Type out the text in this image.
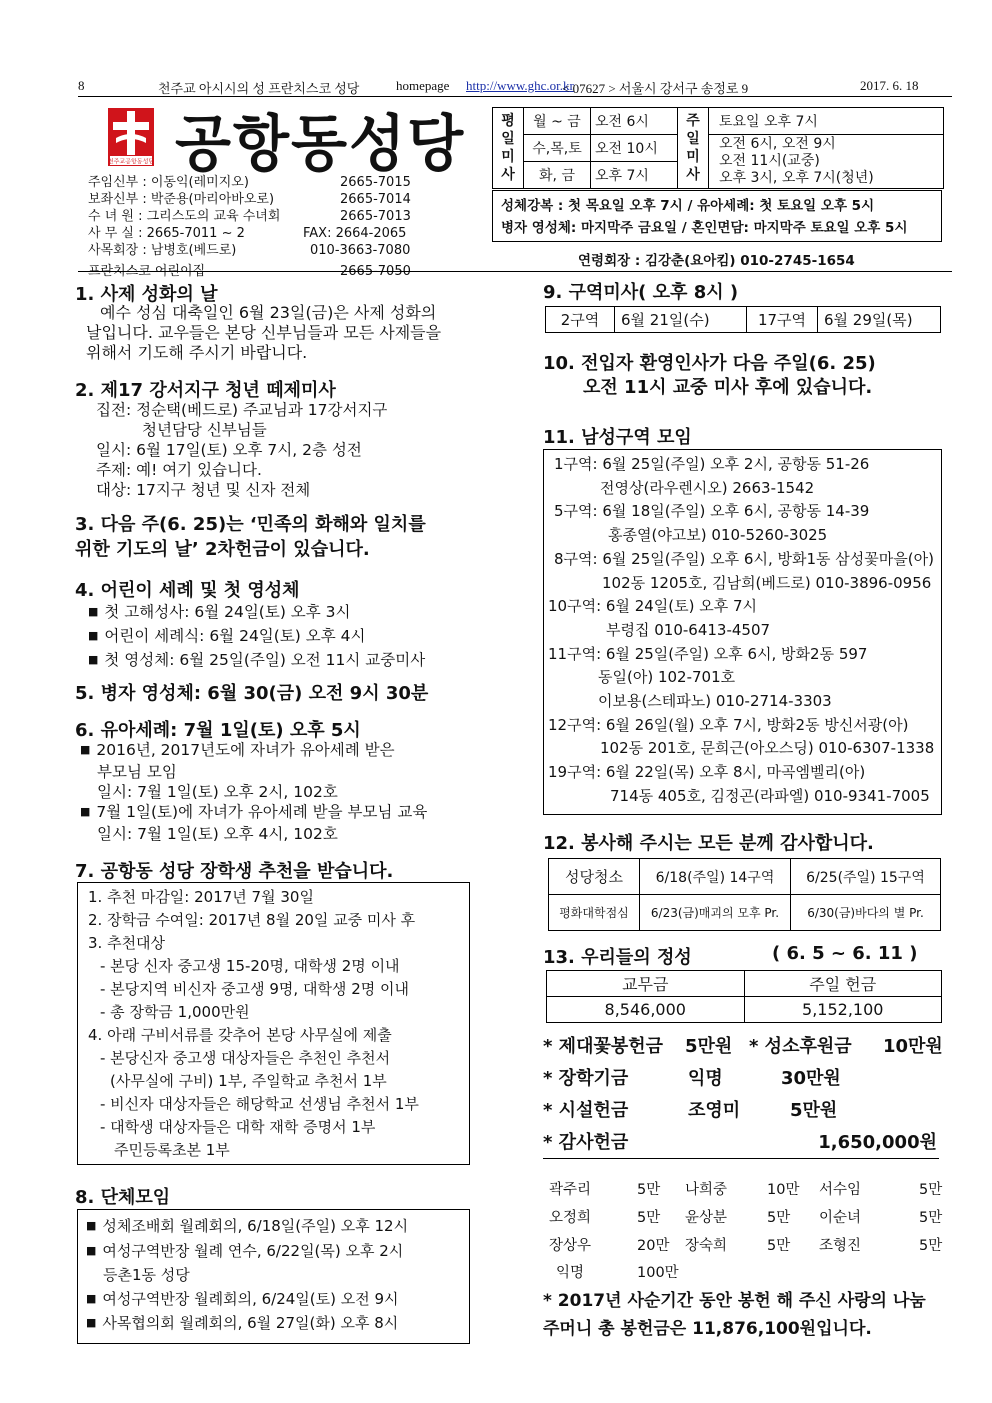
8	천주교 아시시의 성 프란치스코 성당	homepage http://www.ghc.or.kr
< 07627 > 서울시 강서구 송정로 9	2017. 6. 18
천주교공항동성당 공항동성당
주임신부 : 이동익(레미지오)	2665-7015
보좌신부 : 박준용(마리아바오로)	2665-7014
수 녀 원 : 그리스도의 교육 수녀회	2665-7013
사 무 실 : 2665-7011 ~ 2	FAX: 2664-2065
사목회장 : 남병호(베드로)	010-3663-7080
프란치스코 어린이집	2665-7050
평일미사	월 ~ 금	오전 6시	주일미사	토요일 오후 7시
	수,목,토	오전 10시		오전 6시, 오전 9시
오전 11시(교중)
오후 3시, 오후 7시(청년)

	화, 금	오후 7시		
성체강복 : 첫 목요일 오후 7시 / 유아세례: 첫 토요일 오후 5시
병자 영성체: 마지막주 금요일 / 혼인면담: 마지막주 토요일 오후 5시
연령회장 : 김강춘(요아킴) 010-2745-1654
1. 사제 성화의 날
예수 성심 대축일인 6월 23일(금)은 사제 성화의
날입니다. 교우들은 본당 신부님들과 모든 사제들을
위해서 기도해 주시기 바랍니다.
2. 제17 강서지구 청년 떼제미사
집전: 정순택(베드로) 주교님과 17강서지구
청년담당 신부님들
일시: 6월 17일(토) 오후 7시, 2층 성전
주제: 예! 여기 있습니다.
대상: 17지구 청년 및 신자 전체
3. 다음 주(6. 25)는 ‘민족의 화해와 일치를
위한 기도의 날’ 2차헌금이 있습니다.
4. 어린이 세례 및 첫 영성체
■ 첫 고해성사: 6월 24일(토) 오후 3시
■ 어린이 세례식: 6월 24일(토) 오후 4시
■ 첫 영성체: 6월 25일(주일) 오전 11시 교중미사
5. 병자 영성체: 6월 30(금) 오전 9시 30분
6. 유아세례: 7월 1일(토) 오후 5시
■ 2016년, 2017년도에 자녀가 유아세례 받은
부모님 모임
일시: 7월 1일(토) 오후 2시, 102호
■ 7월 1일(토)에 자녀가 유아세례 받을 부모님 교육
일시: 7월 1일(토) 오후 4시, 102호
7. 공항동 성당 장학생 추천을 받습니다.
1. 추천 마감일: 2017년 7월 30일
2. 장학금 수여일: 2017년 8월 20일 교중 미사 후
3. 추천대상
- 본당 신자 중고생 15-20명, 대학생 2명 이내
- 본당지역 비신자 중고생 9명, 대학생 2명 이내
- 총 장학금 1,000만원
4. 아래 구비서류를 갖추어 본당 사무실에 제출
- 본당신자 중고생 대상자들은 추천인 추천서
(사무실에 구비) 1부, 주일학교 추천서 1부
- 비신자 대상자들은 해당학교 선생님 추천서 1부
- 대학생 대상자들은 대학 재학 증명서 1부
주민등록초본 1부
8. 단체모임
■ 성체조배회 월례회의, 6/18일(주일) 오후 12시
■ 여성구역반장 월례 연수, 6/22일(목) 오후 2시
등촌1동 성당
■ 여성구역반장 월례회의, 6/24일(토) 오전 9시
■ 사목협의회 월례회의, 6월 27일(화) 오후 8시
9. 구역미사( 오후 8시 )
2구역	6월 21일(수)	17구역	6월 29일(목)
10. 전입자 환영인사가 다음 주일(6. 25)
오전 11시 교중 미사 후에 있습니다.
11. 남성구역 모임
1구역: 6월 25일(주일) 오후 2시, 공항동 51-26
전영상(라우렌시오) 2663-1542
5구역: 6월 18일(주일) 오후 6시, 공항동 14-39
홍종열(야고보) 010-5260-3025
8구역: 6월 25일(주일) 오후 6시, 방화1동 삼성꽃마을(아)
102동 1205호, 김남희(베드로) 010-3896-0956
10구역: 6월 24일(토) 오후 7시
부령집 010-6413-4507
11구역: 6월 25일(주일) 오후 6시, 방화2동 597
동일(아) 102-701호
이보용(스테파노) 010-2714-3303
12구역: 6월 26일(월) 오후 7시, 방화2동 방신서광(아)
102동 201호, 문희근(아오스딩) 010-6307-1338
19구역: 6월 22일(목) 오후 8시, 마곡엠벨리(아)
714동 405호, 김정곤(라파엘) 010-9341-7005
12. 봉사해 주시는 모든 분께 감사합니다.
성당청소	6/18(주일) 14구역	6/25(주일) 15구역
평화대학점심	6/23(금)매괴의 모후 Pr.	6/30(금)바다의 별 Pr.
13. 우리들의 정성	( 6. 5 ~ 6. 11 )
교무금	주일 헌금
8,546,000	5,152,100
* 제대꽃봉헌금 5만원 * 성소후원금 10만원
* 장학기금	익명	30만원
* 시설헌금	조영미	5만원
* 감사헌금	1,650,000원
곽주리	5만	나희중	10만	서수임	5만
오정희	5만	윤상분	5만	이순녀	5만
장상우	20만	장숙희	5만	조형진	5만
익명	100만				
* 2017년 사순기간 동안 봉헌 해 주신 사랑의 나눔
주머니 총 봉헌금은 11,876,100원입니다.
